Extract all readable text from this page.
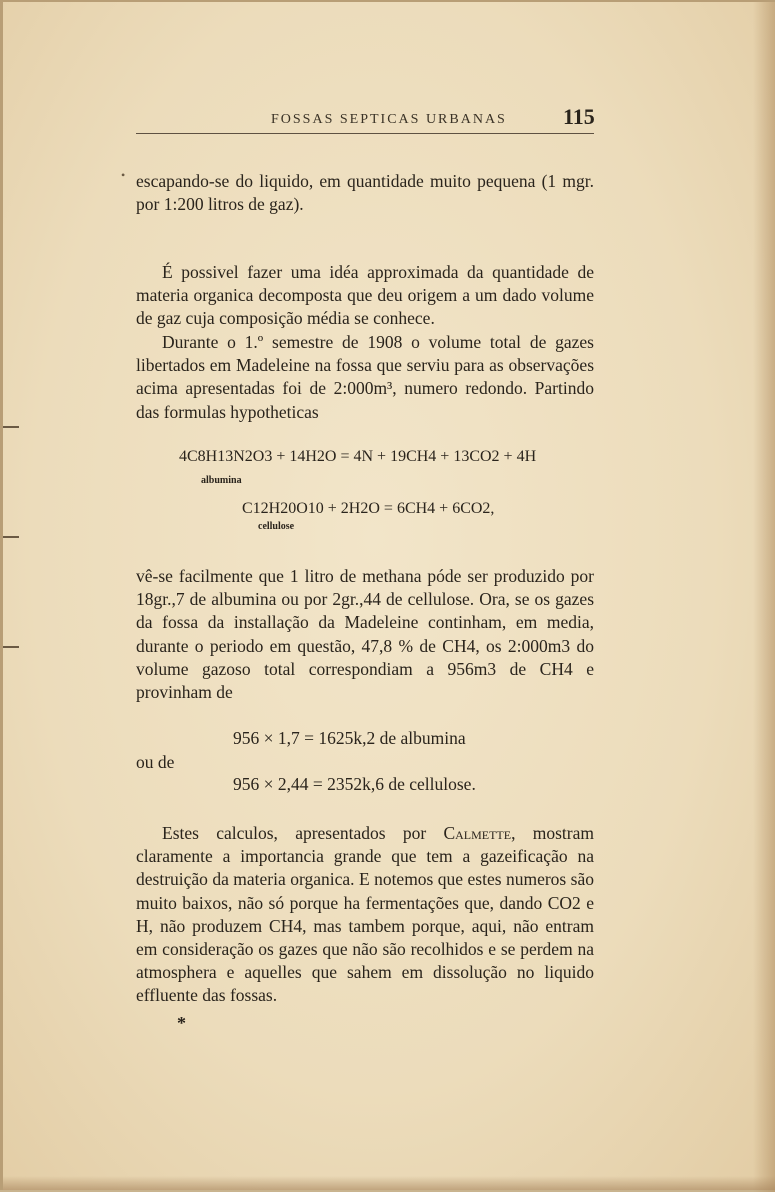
FOSSAS SEPTICAS URBANAS	115
• escapando-se do liquido, em quantidade muito pequena (1 mgr. por 1:200 litros de gaz).

É possivel fazer uma idéa approximada da quantidade de materia organica decomposta que deu origem a um dado volume de gaz cuja composição média se conhece.

Durante o 1.º semestre de 1908 o volume total de gazes libertados em Madeleine na fossa que serviu para as observações acima apresentadas foi de 2:000m³, numero redondo. Partindo das formulas hypotheticas

4C8H13N2O3 + 14H2O = 4N + 19CH4 + 13CO2 + 4H
albumina
C12H20O10 + 2H2O = 6CH4 + 6CO2,
cellulose

vê-se facilmente que 1 litro de methana póde ser produzido por 18gr.,7 de albumina ou por 2gr.,44 de cellulose. Ora, se os gazes da fossa da installação da Madeleine continham, em media, durante o periodo em questão, 47,8 % de CH4, os 2:000m3 do volume gazoso total correspondiam a 956m3 de CH4 e provinham de

956 × 1,7 = 1625k,2 de albumina
ou de
956 × 2,44 = 2352k,6 de cellulose.

Estes calculos, apresentados por Calmette, mostram claramente a importancia grande que tem a gazeificação na destruição da materia organica. E notemos que estes numeros são muito baixos, não só porque ha fermentações que, dando CO2 e H, não produzem CH4, mas tambem porque, aqui, não entram em consideração os gazes que não são recolhidos e se perdem na atmosphera e aquelles que sahem em dissolução no liquido effluente das fossas.

*
